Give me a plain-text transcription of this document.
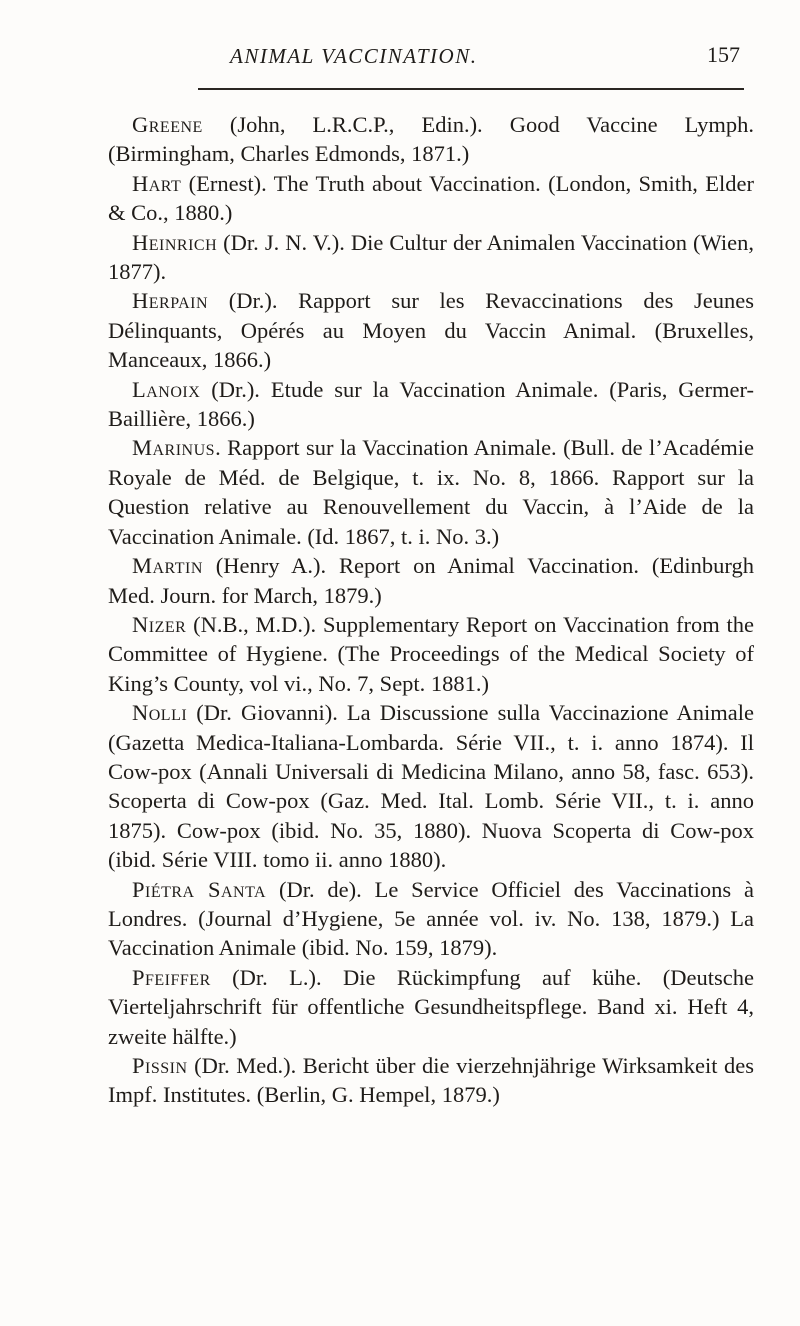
ANIMAL VACCINATION.	157

Greene (John, L.R.C.P., Edin.). Good Vaccine Lymph. (Birmingham, Charles Edmonds, 1871.)

Hart (Ernest). The Truth about Vaccination. (London, Smith, Elder & Co., 1880.)

Heinrich (Dr. J. N. V.). Die Cultur der Animalen Vaccination (Wien, 1877).

Herpain (Dr.). Rapport sur les Revaccinations des Jeunes Délinquants, Opérés au Moyen du Vaccin Animal. (Bruxelles, Manceaux, 1866.)

Lanoix (Dr.). Etude sur la Vaccination Animale. (Paris, Germer-Baillière, 1866.)

Marinus. Rapport sur la Vaccination Animale. (Bull. de l’Académie Royale de Méd. de Belgique, t. ix. No. 8, 1866. Rapport sur la Question relative au Renouvellement du Vaccin, à l’Aide de la Vaccination Animale. (Id. 1867, t. i. No. 3.)

Martin (Henry A.). Report on Animal Vaccination. (Edinburgh Med. Journ. for March, 1879.)

Nizer (N.B., M.D.). Supplementary Report on Vaccination from the Committee of Hygiene. (The Proceedings of the Medical Society of King’s County, vol vi., No. 7, Sept. 1881.)

Nolli (Dr. Giovanni). La Discussione sulla Vaccinazione Animale (Gazetta Medica-Italiana-Lombarda. Série VII., t. i. anno 1874). Il Cow-pox (Annali Universali di Medicina Milano, anno 58, fasc. 653). Scoperta di Cow-pox (Gaz. Med. Ital. Lomb. Série VII., t. i. anno 1875). Cow-pox (ibid. No. 35, 1880). Nuova Scoperta di Cow-pox (ibid. Série VIII. tomo ii. anno 1880).

Piétra Santa (Dr. de). Le Service Officiel des Vaccinations à Londres. (Journal d’Hygiene, 5e année vol. iv. No. 138, 1879.) La Vaccination Animale (ibid. No. 159, 1879).

Pfeiffer (Dr. L.). Die Rückimpfung auf kühe. (Deutsche Vierteljahrschrift für offentliche Gesundheitspflege. Band xi. Heft 4, zweite hälfte.)

Pissin (Dr. Med.). Bericht über die vierzehnjährige Wirksamkeit des Impf. Institutes. (Berlin, G. Hempel, 1879.)
